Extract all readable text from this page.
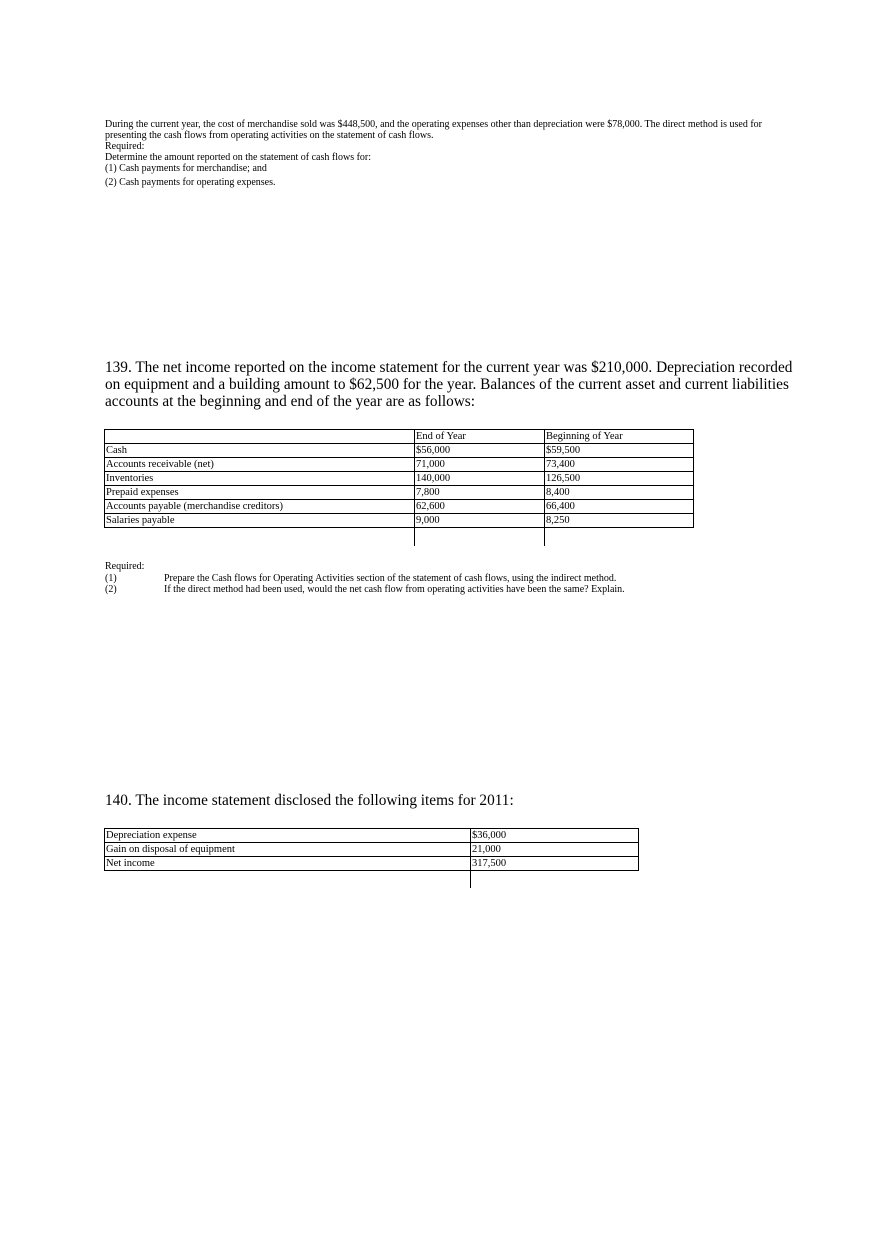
During the current year, the cost of merchandise sold was $448,500, and the operating expenses other than depreciation were $78,000. The direct method is used for presenting the cash flows from operating activities on the statement of cash flows.

Required:

Determine the amount reported on the statement of cash flows for:

(1) Cash payments for merchandise; and

(2) Cash payments for operating expenses.

139. The net income reported on the income statement for the current year was $210,000. Depreciation recorded on equipment and a building amount to $62,500 for the year. Balances of the current asset and current liabilities accounts at the beginning and end of the year are as follows:

	End of Year	Beginning of Year
Cash	$56,000	$59,500
Accounts receivable (net)	71,000	73,400
Inventories	140,000	126,500
Prepaid expenses	7,800	8,400
Accounts payable (merchandise creditors)	62,600	66,400
Salaries payable	9,000	8,250
Required:
(1)	Prepare the Cash flows for Operating Activities section of the statement of cash flows, using the indirect method.
(2)	If the direct method had been used, would the net cash flow from operating activities have been the same? Explain.

140. The income statement disclosed the following items for 2011:

Depreciation expense	$36,000
Gain on disposal of equipment	21,000
Net income	317,500
